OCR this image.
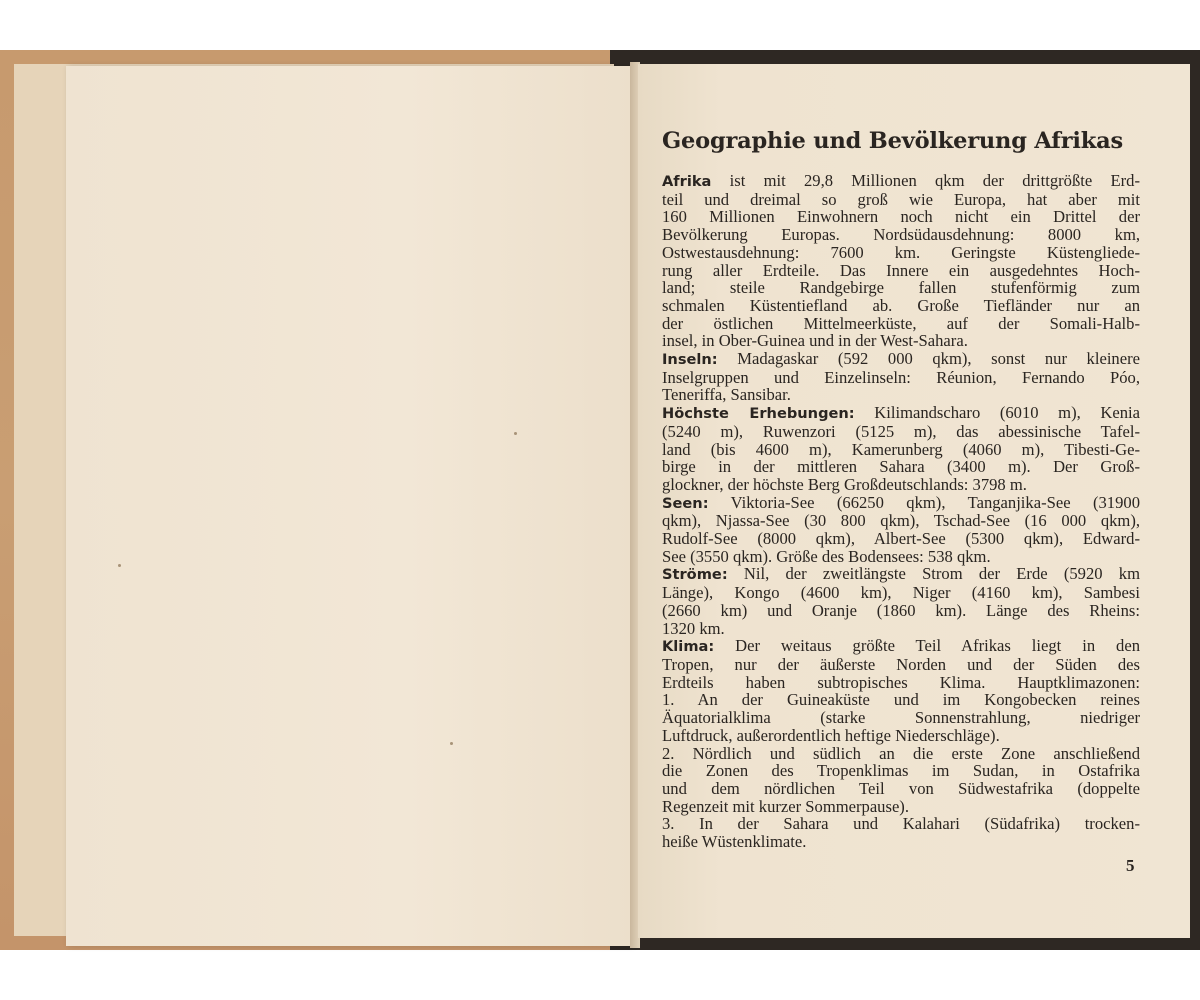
Geographie und Bevölkerung Afrikas

Afrika ist mit 29,8 Millionen qkm der drittgrößte Erd-

teil und dreimal so groß wie Europa, hat aber mit

160 Millionen Einwohnern noch nicht ein Drittel der

Bevölkerung Europas. Nordsüdausdehnung: 8000 km,

Ostwestausdehnung: 7600 km. Geringste Küstengliede-

rung aller Erdteile. Das Innere ein ausgedehntes Hoch-

land; steile Randgebirge fallen stufenförmig zum

schmalen Küstentiefland ab. Große Tiefländer nur an

der östlichen Mittelmeerküste, auf der Somali-Halb-

insel, in Ober-Guinea und in der West-Sahara.

Inseln: Madagaskar (592 000 qkm), sonst nur kleinere

Inselgruppen und Einzelinseln: Réunion, Fernando Póo,

Teneriffa, Sansibar.

Höchste Erhebungen: Kilimandscharo (6010 m), Kenia

(5240 m), Ruwenzori (5125 m), das abessinische Tafel-

land (bis 4600 m), Kamerunberg (4060 m), Tibesti-Ge-

birge in der mittleren Sahara (3400 m). Der Groß-

glockner, der höchste Berg Großdeutschlands: 3798 m.

Seen: Viktoria-See (66250 qkm), Tanganjika-See (31900

qkm), Njassa-See (30 800 qkm), Tschad-See (16 000 qkm),

Rudolf-See (8000 qkm), Albert-See (5300 qkm), Edward-

See (3550 qkm). Größe des Bodensees: 538 qkm.

Ströme: Nil, der zweitlängste Strom der Erde (5920 km

Länge), Kongo (4600 km), Niger (4160 km), Sambesi

(2660 km) und Oranje (1860 km). Länge des Rheins:

1320 km.

Klima: Der weitaus größte Teil Afrikas liegt in den

Tropen, nur der äußerste Norden und der Süden des

Erdteils haben subtropisches Klima. Hauptklimazonen:

1. An der Guineaküste und im Kongobecken reines

Äquatorialklima (starke Sonnenstrahlung, niedriger

Luftdruck, außerordentlich heftige Niederschläge).

2. Nördlich und südlich an die erste Zone anschließend

die Zonen des Tropenklimas im Sudan, in Ostafrika

und dem nördlichen Teil von Südwestafrika (doppelte

Regenzeit mit kurzer Sommerpause).

3. In der Sahara und Kalahari (Südafrika) trocken-

heiße Wüstenklimate.

5
